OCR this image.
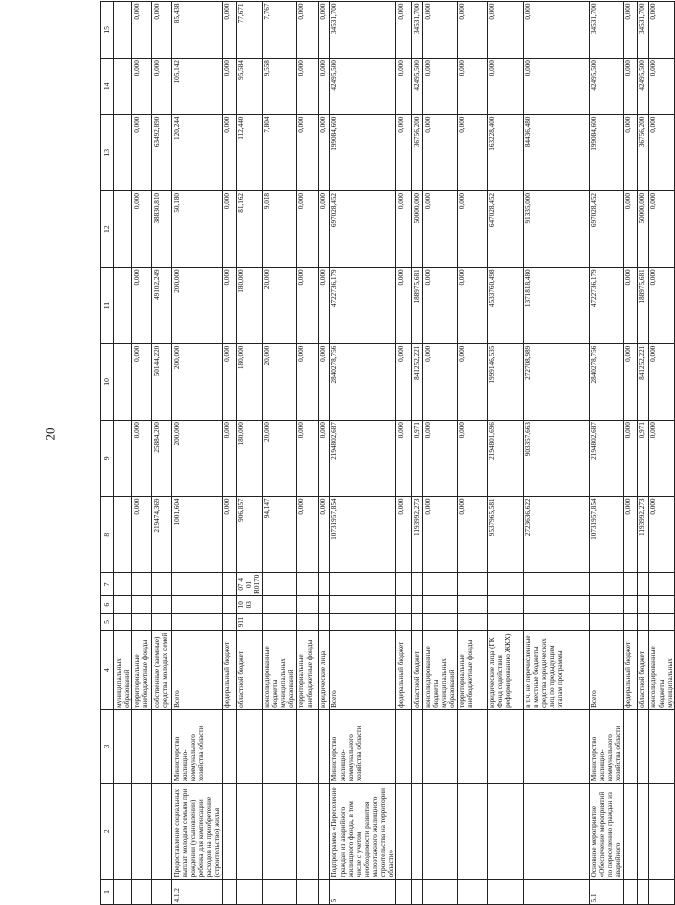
20
1	2	3	4	5	6	7	8	9	10	11	12	13	14	15
			муниципальных образований											
			территориальные внебюджетные фонды				0,000	0,000	0,000	0,000	0,000	0,000	0,000	0,000
			собственные (заемные) средства молодых семей				219474,369	25884,200	50144,220	49102,249	38830,810	63492,890	0,000	0,000
4.1.2	Предоставление социальных выплат молодым семьям при рождении (усыновлении) ребенка для компенсации расходов на приобретение (строительство) жилья	Министерство жилищно-коммунального хозяйства области	Всего				1001,604	200,000	200,000	200,000	50,180	120,244	105,142	85,438
			федеральный бюджет				0,000	0,000	0,000	0,000	0,000	0,000	0,000	0,000
			областной бюджет	911	10 03	07 4 01 R0170	906,857	180,000	180,000	180,000	81,162	112,440	95,584	77,671
			консолидированные бюджеты муниципальных образований				94,147	20,000	20,000	20,000	9,018	7,804	9,558	7,767
			территориальные внебюджетные фонды				0,000	0,000	0,000	0,000	0,000	0,000	0,000	0,000
			юридические лица				0,000	0,000	0,000	0,000	0,000	0,000	0,000	0,000
5	Подпрограмма «Переселение граждан из аварийного жилищного фонда, в том числе с учетом необходимости развития малоэтажного жилищного строительства на территории области»	Министерство жилищно-коммунального хозяйства области	Всего				10731957,854	2194802,687	2840278,756	4722736,179	697028,452	199084,600	42495,500	34531,700
			федеральный бюджет				0,000	0,000	0,000	0,000	0,000	0,000	0,000	0,000
			областной бюджет				1193992,273	0,971	841252,221	188975,681	50000,000	36756,200	42495,500	34531,700
			консолидированные бюджеты муниципальных образований				0,000	0,000	0,000	0,000	0,000	0,000	0,000	0,000
			территориальные внебюджетные фонды				0,000	0,000	0,000	0,000	0,000	0,000	0,000	0,000
			юридические лица (ГК Фонд содействия реформированию ЖКХ)				9537965,581	2194801,696	1999146,535	4533760,498	647028,452	163228,400	0,000	0,000
			в т.ч. не перечисленные в местные бюджеты средства юридических лиц по предыдущим этапам программы				2723636,622	903357,663	272708,989	1371818,480	91335,000	84436,480	0,000	0,000
5.1	Основное мероприятие «Обеспечение мероприятий по переселению граждан из аварийного	Министерство жилищно-коммунального хозяйства области	Всего				10731957,854	2194802,687	2840278,756	4722736,179	697028,452	199084,600	42495,500	34531,700
			федеральный бюджет				0,000	0,000	0,000	0,000	0,000	0,000	0,000	0,000
			областной бюджет				1193992,273	0,971	841252,221	188975,681	50000,000	36756,200	42495,500	34531,700
			консолидированные бюджеты муниципальных				0,000	0,000	0,000	0,000	0,000	0,000	0,000	0,000
